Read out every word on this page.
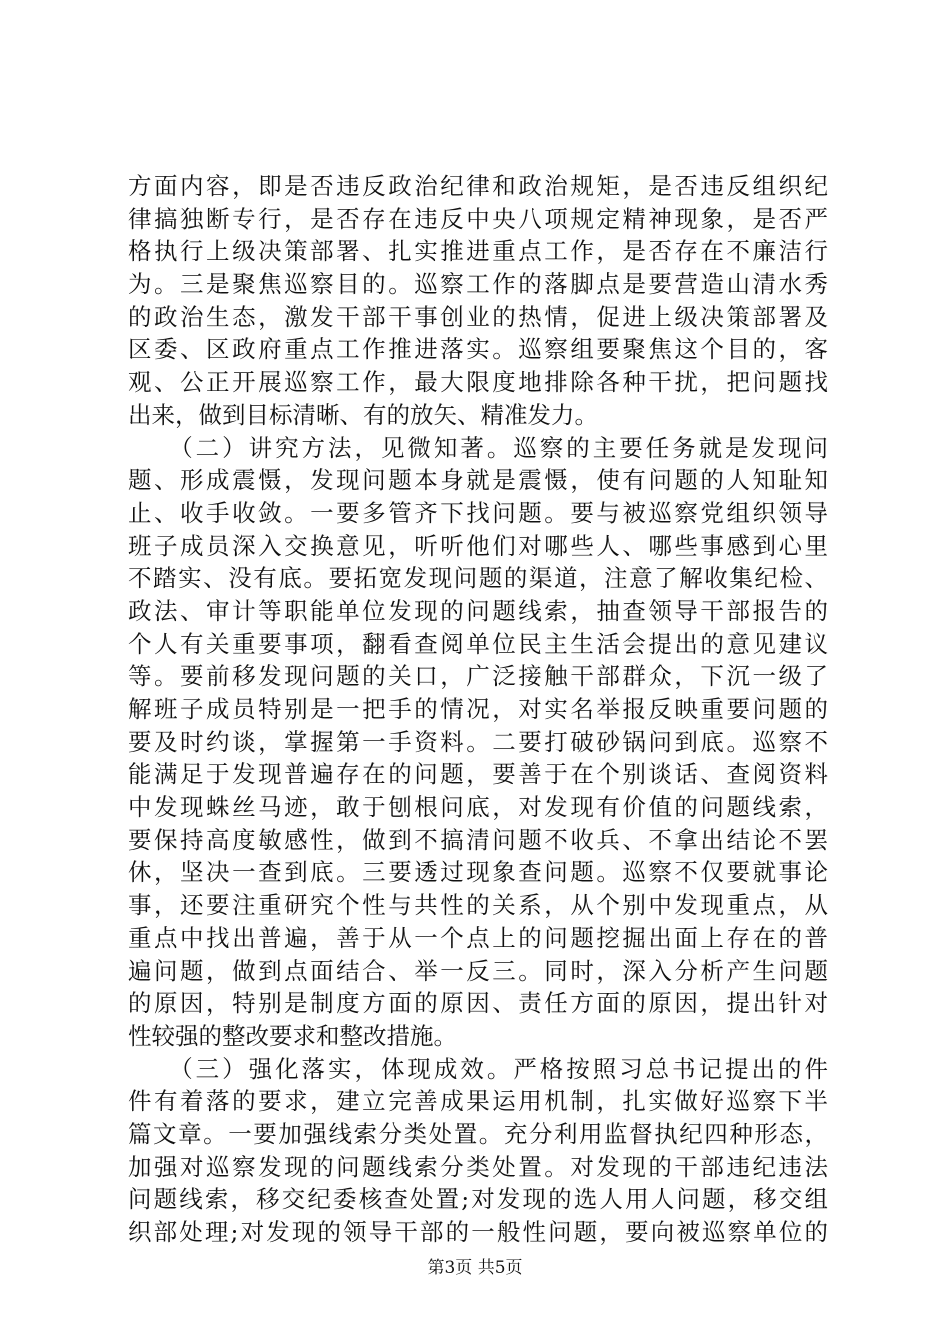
方面内容，即是否违反政治纪律和政治规矩，是否违反组织纪
律搞独断专行，是否存在违反中央八项规定精神现象，是否严
格执行上级决策部署、扎实推进重点工作，是否存在不廉洁行
为。三是聚焦巡察目的。巡察工作的落脚点是要营造山清水秀
的政治生态，激发干部干事创业的热情，促进上级决策部署及
区委、区政府重点工作推进落实。巡察组要聚焦这个目的，客
观、公正开展巡察工作，最大限度地排除各种干扰，把问题找
出来，做到目标清晰、有的放矢、精准发力。
　　（二）讲究方法，见微知著。巡察的主要任务就是发现问
题、形成震慑，发现问题本身就是震慑，使有问题的人知耻知
止、收手收敛。一要多管齐下找问题。要与被巡察党组织领导
班子成员深入交换意见，听听他们对哪些人、哪些事感到心里
不踏实、没有底。要拓宽发现问题的渠道，注意了解收集纪检、
政法、审计等职能单位发现的问题线索，抽查领导干部报告的
个人有关重要事项，翻看查阅单位民主生活会提出的意见建议
等。要前移发现问题的关口，广泛接触干部群众，下沉一级了
解班子成员特别是一把手的情况，对实名举报反映重要问题的
要及时约谈，掌握第一手资料。二要打破砂锅问到底。巡察不
能满足于发现普遍存在的问题，要善于在个别谈话、查阅资料
中发现蛛丝马迹，敢于刨根问底，对发现有价值的问题线索，
要保持高度敏感性，做到不搞清问题不收兵、不拿出结论不罢
休，坚决一查到底。三要透过现象查问题。巡察不仅要就事论
事，还要注重研究个性与共性的关系，从个别中发现重点，从
重点中找出普遍，善于从一个点上的问题挖掘出面上存在的普
遍问题，做到点面结合、举一反三。同时，深入分析产生问题
的原因，特别是制度方面的原因、责任方面的原因，提出针对
性较强的整改要求和整改措施。
　　（三）强化落实，体现成效。严格按照习总书记提出的件
件有着落的要求，建立完善成果运用机制，扎实做好巡察下半
篇文章。一要加强线索分类处置。充分利用监督执纪四种形态，
加强对巡察发现的问题线索分类处置。对发现的干部违纪违法
问题线索，移交纪委核查处置;对发现的选人用人问题，移交组
织部处理;对发现的领导干部的一般性问题，要向被巡察单位的
第3页 共5页
